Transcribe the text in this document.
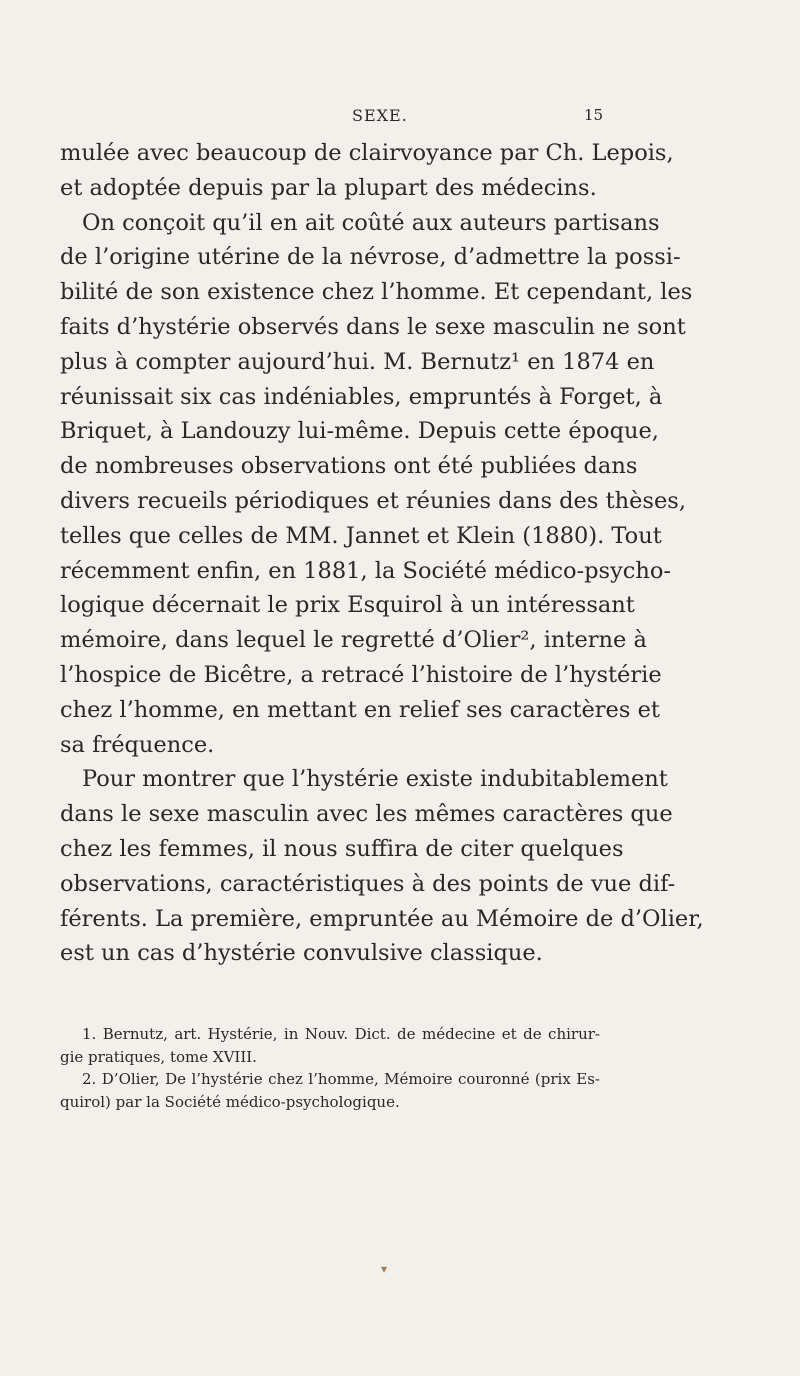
SEXE.	15
mulée avec beaucoup de clairvoyance par Ch. Lepois,
et adoptée depuis par la plupart des médecins.
On conçoit qu’il en ait coûté aux auteurs partisans
de l’origine utérine de la névrose, d’admettre la possi-
bilité de son existence chez l’homme. Et cependant, les
faits d’hystérie observés dans le sexe masculin ne sont
plus à compter aujourd’hui. M. Bernutz¹ en 1874 en
réunissait six cas indéniables, empruntés à Forget, à
Briquet, à Landouzy lui-même. Depuis cette époque,
de nombreuses observations ont été publiées dans
divers recueils périodiques et réunies dans des thèses,
telles que celles de MM. Jannet et Klein (1880). Tout
récemment enfin, en 1881, la Société médico-psycho-
logique décernait le prix Esquirol à un intéressant
mémoire, dans lequel le regretté d’Olier², interne à
l’hospice de Bicêtre, a retracé l’histoire de l’hystérie
chez l’homme, en mettant en relief ses caractères et
sa fréquence.
Pour montrer que l’hystérie existe indubitablement
dans le sexe masculin avec les mêmes caractères que
chez les femmes, il nous suffira de citer quelques
observations, caractéristiques à des points de vue dif-
férents. La première, empruntée au Mémoire de d’Olier,
est un cas d’hystérie convulsive classique.
1. Bernutz, art. Hystérie, in Nouv. Dict. de médecine et de chirur-
gie pratiques, tome XVIII.
2. D’Olier, De l’hystérie chez l’homme, Mémoire couronné (prix Es-
quirol) par la Société médico-psychologique.
▾
